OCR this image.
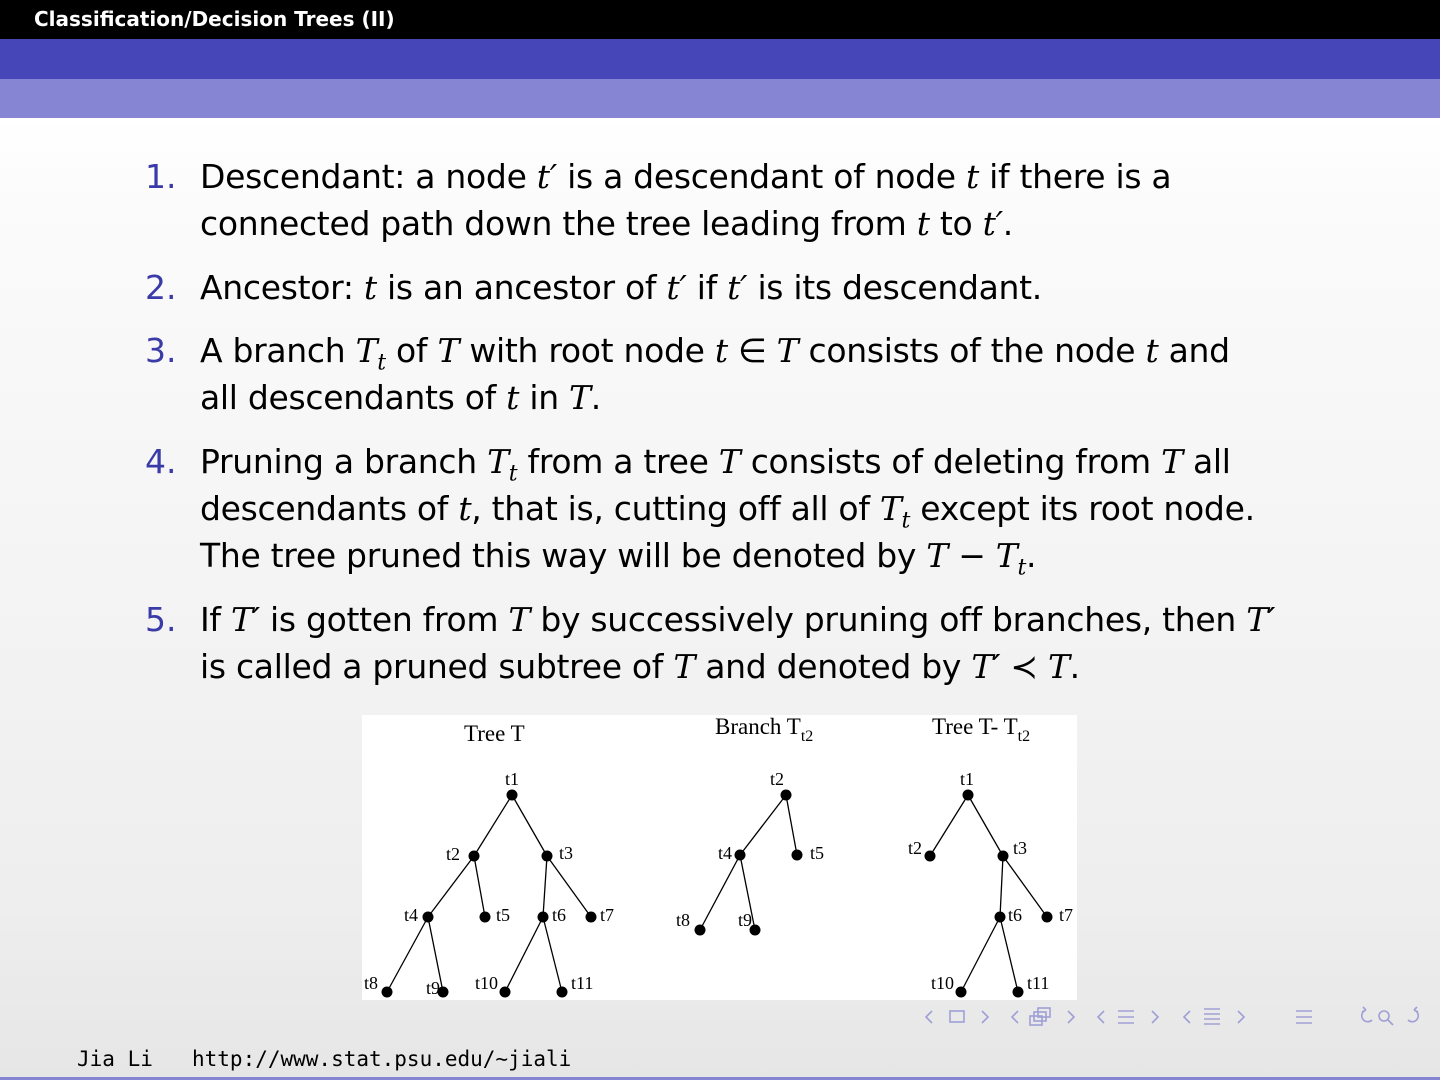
Classification/Decision Trees (II)
1. Descendant: a node t′ is a descendant of node t if there is a
connected path down the tree leading from t to t′.
2. Ancestor: t is an ancestor of t′ if t′ is its descendant.
3. A branch $T_t$ of T with root node t ∈ T consists of the node t and
all descendants of t in T.
4. Pruning a branch $T_t$ from a tree T consists of deleting from T all
descendants of t, that is, cutting off all of $T_t$ except its root node.
The tree pruned this way will be denoted by $T - T_t$.
5. If T′ is gotten from T by successively pruning off branches, then T′
is called a pruned subtree of T and denoted by T′ ≺ T.
Tree T
t1
t2	t3
t4	t5 t6 t7
t8	t9 t10	t11
Branch $T_{t2}$
t2
t4	t5
t8	t9
Tree T- $T_{t2}$
t1
t2	t3
t6 t7
t10	t11
Jia Li http://www.stat.psu.edu/∼jiali
